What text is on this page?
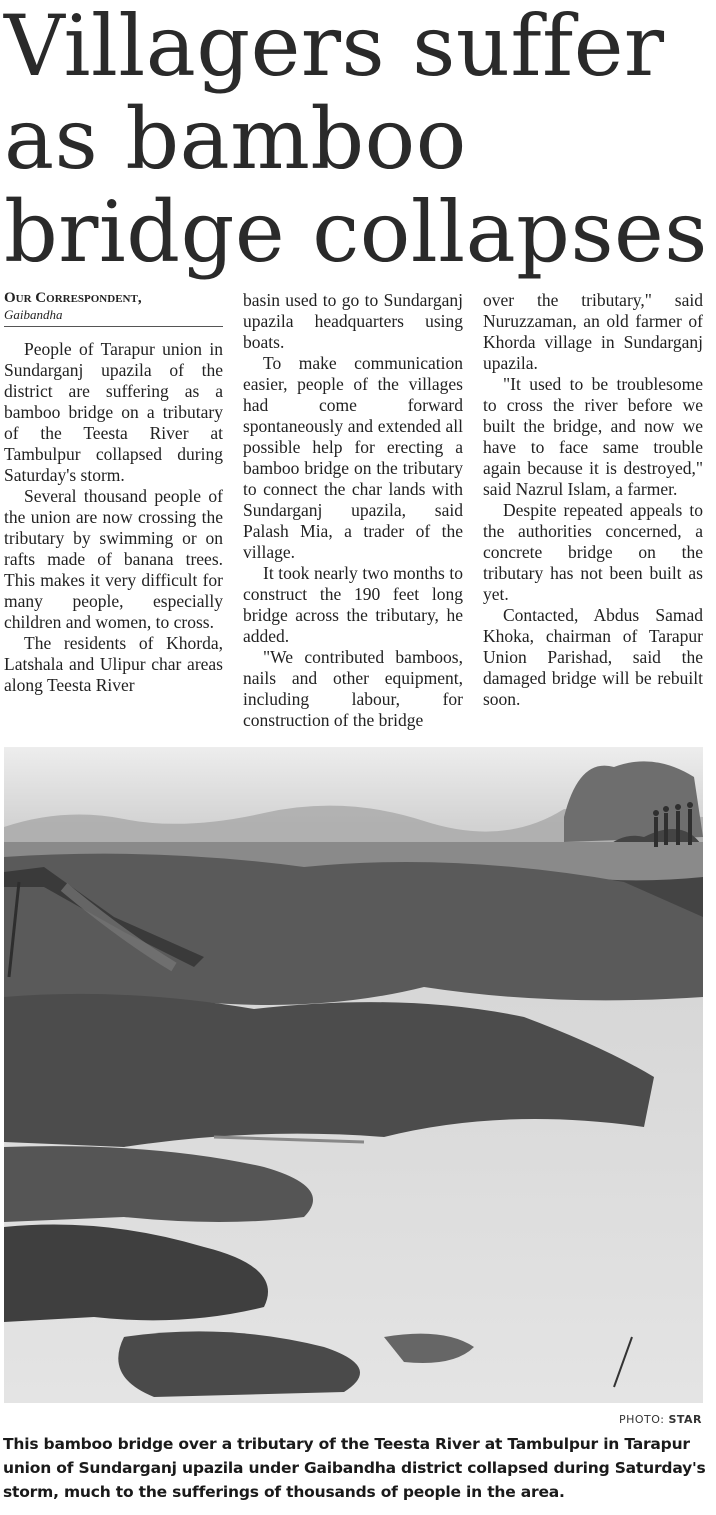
Villagers suffer as bamboo bridge collapses
Our Correspondent,
Gaibandha

People of Tarapur union in Sundarganj upazila of the district are suffering as a bamboo bridge on a tributary of the Teesta River at Tambulpur collapsed during Saturday's storm.

Several thousand people of the union are now crossing the tributary by swimming or on rafts made of banana trees. This makes it very difficult for many people, especially children and women, to cross.

The residents of Khorda, Latshala and Ulipur char areas along Teesta River

basin used to go to Sundarganj upazila headquarters using boats.

To make communication easier, people of the villages had come forward spontaneously and extended all possible help for erecting a bamboo bridge on the tributary to connect the char lands with Sundarganj upazila, said Palash Mia, a trader of the village.

It took nearly two months to construct the 190 feet long bridge across the tributary, he added.

"We contributed bamboos, nails and other equipment, including labour, for construction of the bridge

over the tributary," said Nuruzzaman, an old farmer of Khorda village in Sundarganj upazila.

"It used to be troublesome to cross the river before we built the bridge, and now we have to face same trouble again because it is destroyed," said Nazrul Islam, a farmer.

Despite repeated appeals to the authorities concerned, a concrete bridge on the tributary has not been built as yet.

Contacted, Abdus Samad Khoka, chairman of Tarapur Union Parishad, said the damaged bridge will be rebuilt soon.

PHOTO: STAR
This bamboo bridge over a tributary of the Teesta River at Tambulpur in Tarapur union of Sundarganj upazila under Gaibandha district collapsed during Saturday's storm, much to the sufferings of thousands of people in the area.
